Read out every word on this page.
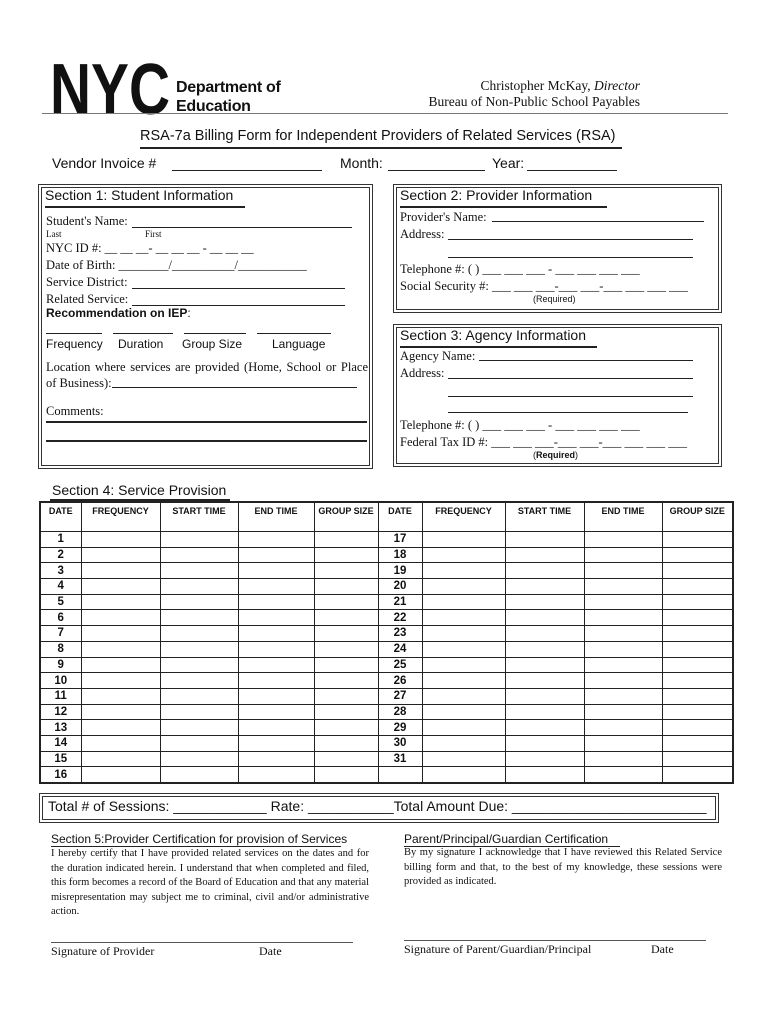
NYC Department of
Education
Christopher McKay, Director
Bureau of Non-Public School Payables
RSA-7a Billing Form for Independent Providers of Related Services (RSA)
Vendor Invoice #	Month:	Year:
Section 1: Student Information
Student's Name:
Last	First
NYC ID #: __ __ __- __ __ __ - __ __ __
Date of Birth: ________/__________/___________
Service District:
Related Service:
Recommendation on IEP:
Frequency Duration Group Size Language
Location where services are provided (Home, School or Place of Business):
Comments:
Section 2: Provider Information
Provider's Name:
Address:
Telephone #: ( ) ___ ___ ___ - ___ ___ ___ ___
Social Security #: ___ ___ ___-___ ___-___ ___ ___ ___
(Required)
Section 3: Agency Information
Agency Name:
Address:
Telephone #: ( ) ___ ___ ___ - ___ ___ ___ ___
Federal Tax ID #: ___ ___ ___-___ ___-___ ___ ___ ___
(Required)
Section 4: Service Provision
DATE	FREQUENCY	START TIME	END TIME	GROUP SIZE	DATE	FREQUENCY	START TIME	END TIME	GROUP SIZE
1					17				
2					18				
3					19				
4					20				
5					21				
6					22				
7					23				
8					24				
9					25				
10					26				
11					27				
12					28				
13					29				
14					30				
15					31				
16									
Total # of Sessions: ____________ Rate: ___________Total Amount Due: _________________________
Section 5:Provider Certification for provision of Services
I hereby certify that I have provided related services on the dates and for the duration indicated herein. I understand that when completed and filed, this form becomes a record of the Board of Education and that any material misrepresentation may subject me to criminal, civil and/or administrative action.
Signature of Provider	Date
Parent/Principal/Guardian Certification
By my signature I acknowledge that I have reviewed this Related Service billing form and that, to the best of my knowledge, these sessions were provided as indicated.
Signature of Parent/Guardian/Principal	Date
